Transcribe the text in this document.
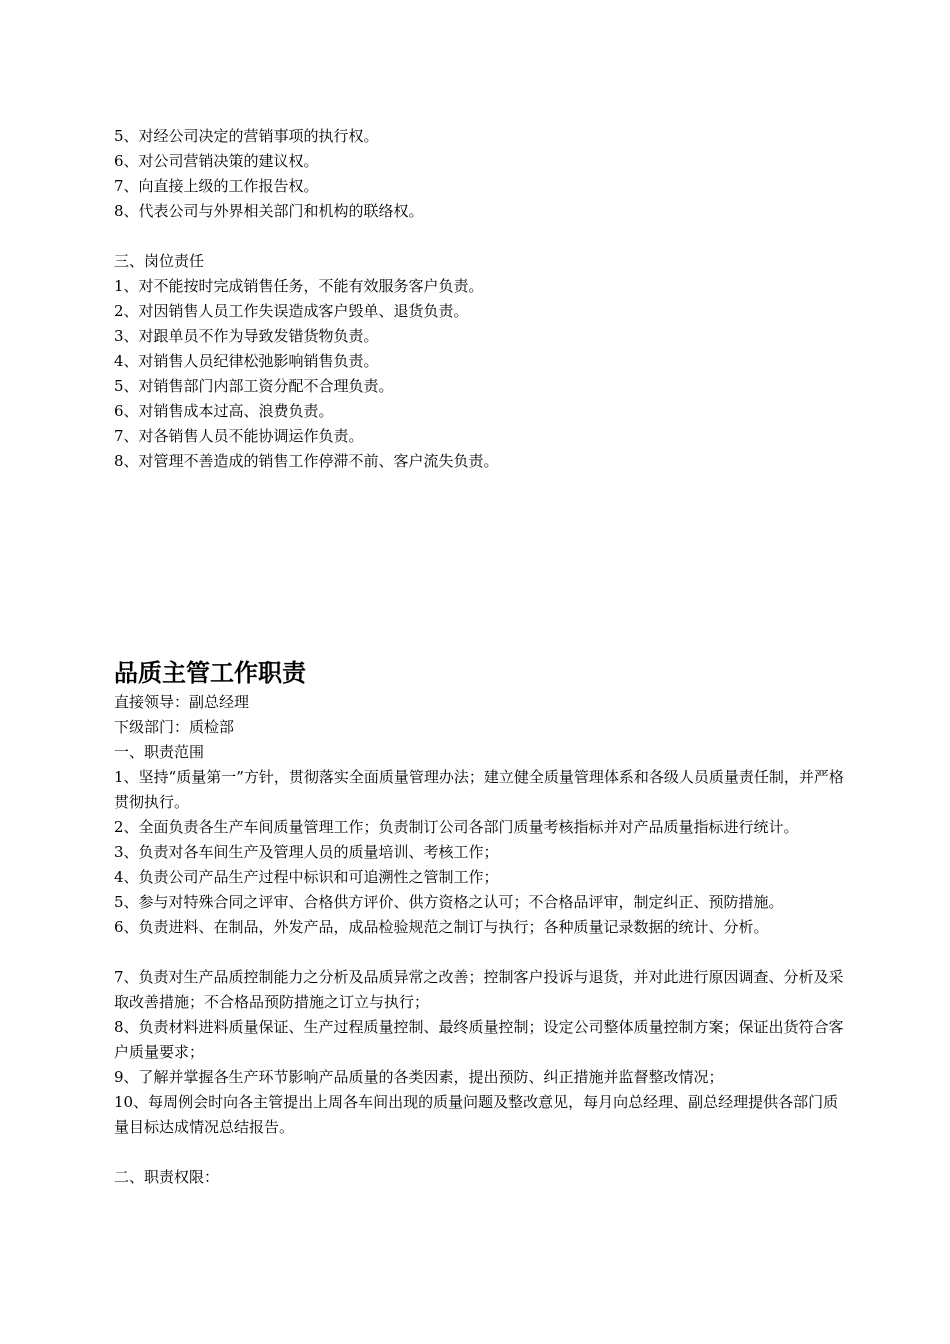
5、对经公司决定的营销事项的执行权。
6、对公司营销决策的建议权。
7、向直接上级的工作报告权。
8、代表公司与外界相关部门和机构的联络权。
三、岗位责任
1、对不能按时完成销售任务，不能有效服务客户负责。
2、对因销售人员工作失误造成客户毁单、退货负责。
3、对跟单员不作为导致发错货物负责。
4、对销售人员纪律松弛影响销售负责。
5、对销售部门内部工资分配不合理负责。
6、对销售成本过高、浪费负责。
7、对各销售人员不能协调运作负责。
8、对管理不善造成的销售工作停滞不前、客户流失负责。
品质主管工作职责
直接领导：副总经理
下级部门：质检部
一、职责范围
1、坚持“质量第一”方针，贯彻落实全面质量管理办法；建立健全质量管理体系和各级人员质量责任制，并严格贯彻执行。
2、全面负责各生产车间质量管理工作；负责制订公司各部门质量考核指标并对产品质量指标进行统计。
3、负责对各车间生产及管理人员的质量培训、考核工作；
4、负责公司产品生产过程中标识和可追溯性之管制工作；
5、参与对特殊合同之评审、合格供方评价、供方资格之认可；不合格品评审，制定纠正、预防措施。
6、负责进料、在制品，外发产品，成品检验规范之制订与执行；各种质量记录数据的统计、分析。
7、负责对生产品质控制能力之分析及品质异常之改善；控制客户投诉与退货，并对此进行原因调查、分析及采取改善措施；不合格品预防措施之订立与执行；
8、负责材料进料质量保证、生产过程质量控制、最终质量控制；设定公司整体质量控制方案；保证出货符合客户质量要求；
9、了解并掌握各生产环节影响产品质量的各类因素，提出预防、纠正措施并监督整改情况；
10、每周例会时向各主管提出上周各车间出现的质量问题及整改意见，每月向总经理、副总经理提供各部门质量目标达成情况总结报告。
二、职责权限：
